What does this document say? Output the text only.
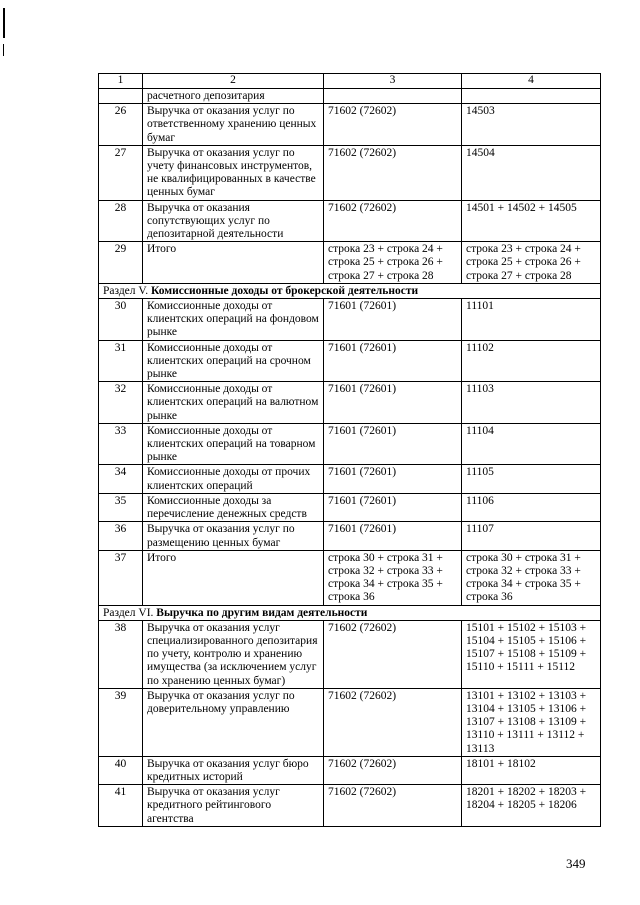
1	2	3	4
	расчетного депозитария		
26	Выручка от оказания услуг по ответственному хранению ценных бумаг	71602 (72602)	14503
27	Выручка от оказания услуг по учету финансовых инструментов, не квалифицированных в качестве ценных бумаг	71602 (72602)	14504
28	Выручка от оказания сопутствующих услуг по депозитарной деятельности	71602 (72602)	14501 + 14502 + 14505
29	Итого	строка 23 + строка 24 + строка 25 + строка 26 + строка 27 + строка 28	строка 23 + строка 24 + строка 25 + строка 26 + строка 27 + строка 28
Раздел V. Комиссионные доходы от брокерской деятельности			
30	Комиссионные доходы от клиентских операций на фондовом рынке	71601 (72601)	11101
31	Комиссионные доходы от клиентских операций на срочном рынке	71601 (72601)	11102
32	Комиссионные доходы от клиентских операций на валютном рынке	71601 (72601)	11103
33	Комиссионные доходы от клиентских операций на товарном рынке	71601 (72601)	11104
34	Комиссионные доходы от прочих клиентских операций	71601 (72601)	11105
35	Комиссионные доходы за перечисление денежных средств	71601 (72601)	11106
36	Выручка от оказания услуг по размещению ценных бумаг	71601 (72601)	11107
37	Итого	строка 30 + строка 31 + строка 32 + строка 33 + строка 34 + строка 35 + строка 36	строка 30 + строка 31 + строка 32 + строка 33 + строка 34 + строка 35 + строка 36
Раздел VI. Выручка по другим видам деятельности			
38	Выручка от оказания услуг специализированного депозитария по учету, контролю и хранению имущества (за исключением услуг по хранению ценных бумаг)	71602 (72602)	15101 + 15102 + 15103 + 15104 + 15105 + 15106 + 15107 + 15108 + 15109 + 15110 + 15111 + 15112
39	Выручка от оказания услуг по доверительному управлению	71602 (72602)	13101 + 13102 + 13103 + 13104 + 13105 + 13106 + 13107 + 13108 + 13109 + 13110 + 13111 + 13112 + 13113
40	Выручка от оказания услуг бюро кредитных историй	71602 (72602)	18101 + 18102
41	Выручка от оказания услуг кредитного рейтингового агентства	71602 (72602)	18201 + 18202 + 18203 + 18204 + 18205 + 18206
349
